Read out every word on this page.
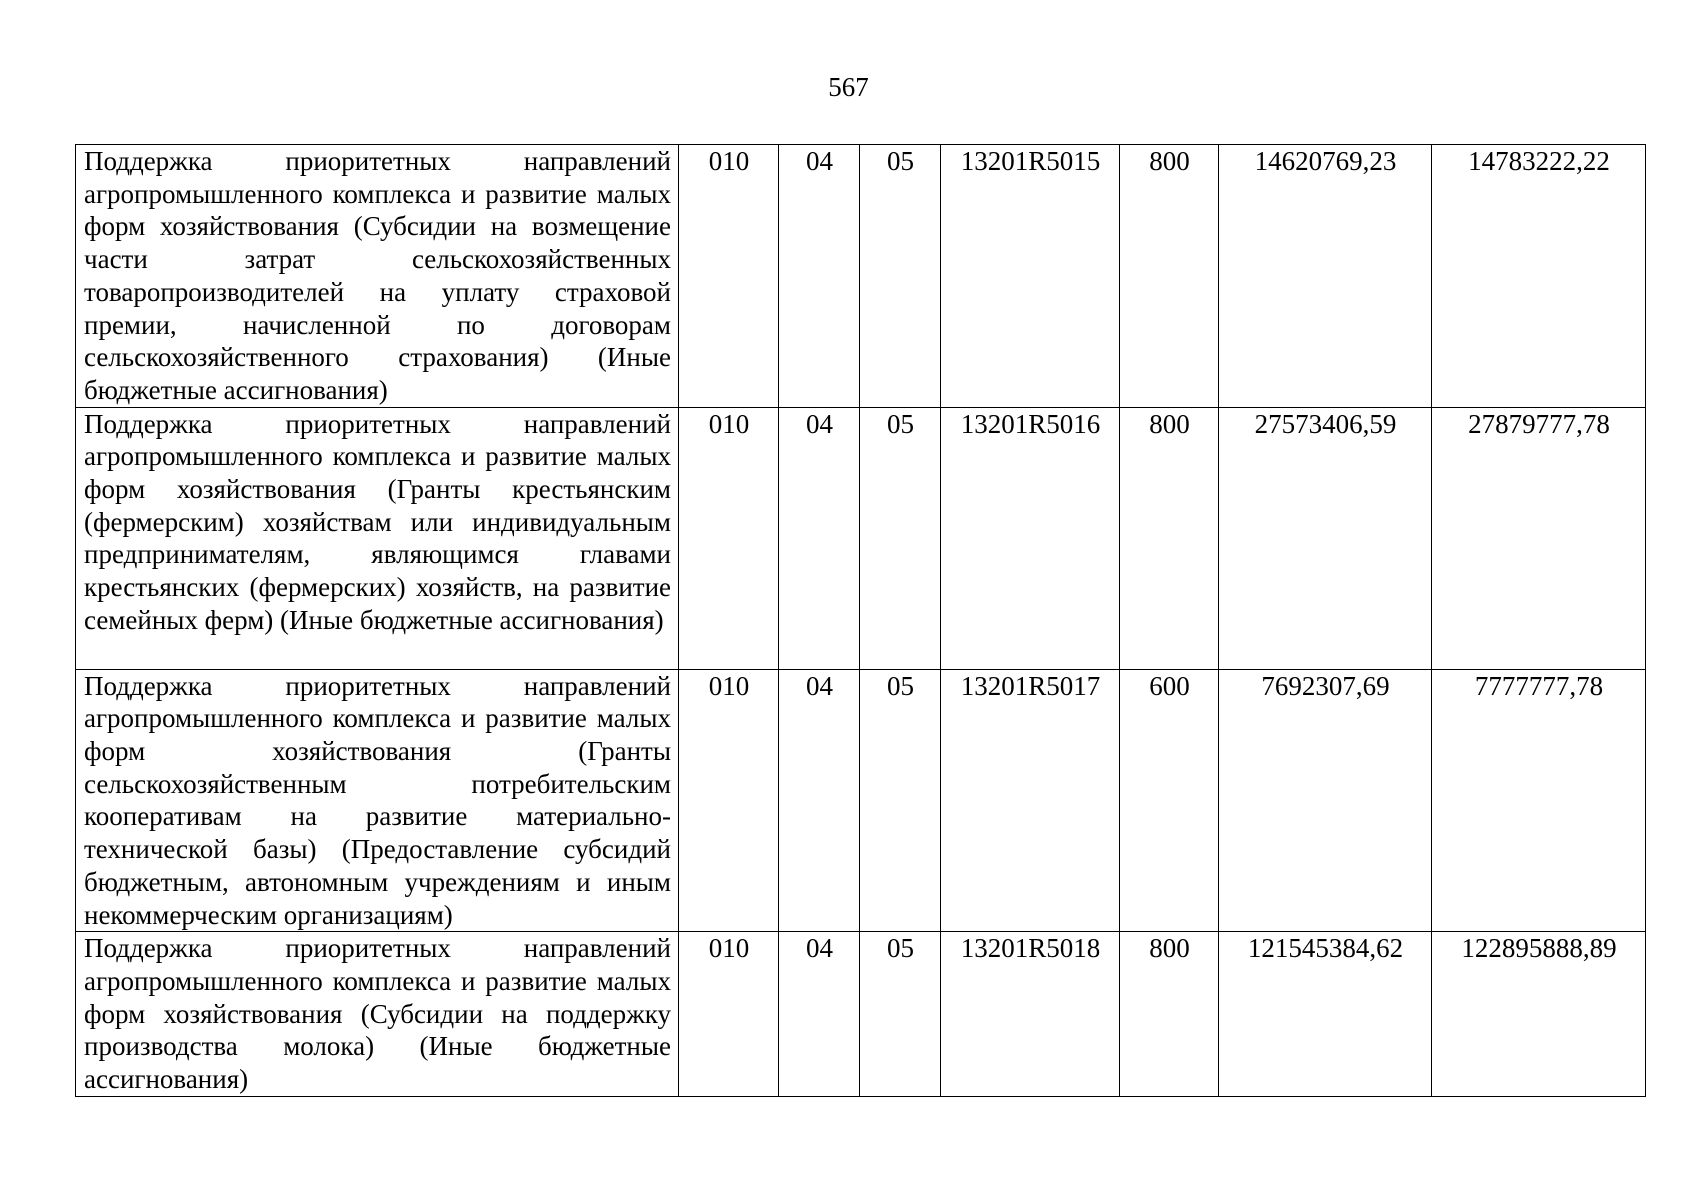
567
Поддержка приоритетных направлений агропромышленного комплекса и развитие малых форм хозяйствования (Субсидии на возмещение части затрат сельскохозяйственных товаропроизводителей на уплату страховой премии, начисленной по договорам сельскохозяйственного страхования) (Иные бюджетные ассигнования)	010	04	05	13201R5015	800	14620769,23	14783222,22
Поддержка приоритетных направлений агропромышленного комплекса и развитие малых форм хозяйствования (Гранты крестьянским (фермерским) хозяйствам или индивидуальным предпринимателям, являющимся главами крестьянских (фермерских) хозяйств, на развитие семейных ферм) (Иные бюджетные ассигнования)	010	04	05	13201R5016	800	27573406,59	27879777,78
Поддержка приоритетных направлений агропромышленного комплекса и развитие малых форм хозяйствования (Гранты сельскохозяйственным потребительским кооперативам на развитие материально-технической базы) (Предоставление субсидий бюджетным, автономным учреждениям и иным некоммерческим организациям)	010	04	05	13201R5017	600	7692307,69	7777777,78
Поддержка приоритетных направлений агропромышленного комплекса и развитие малых форм хозяйствования (Субсидии на поддержку производства молока) (Иные бюджетные ассигнования)	010	04	05	13201R5018	800	121545384,62	122895888,89
